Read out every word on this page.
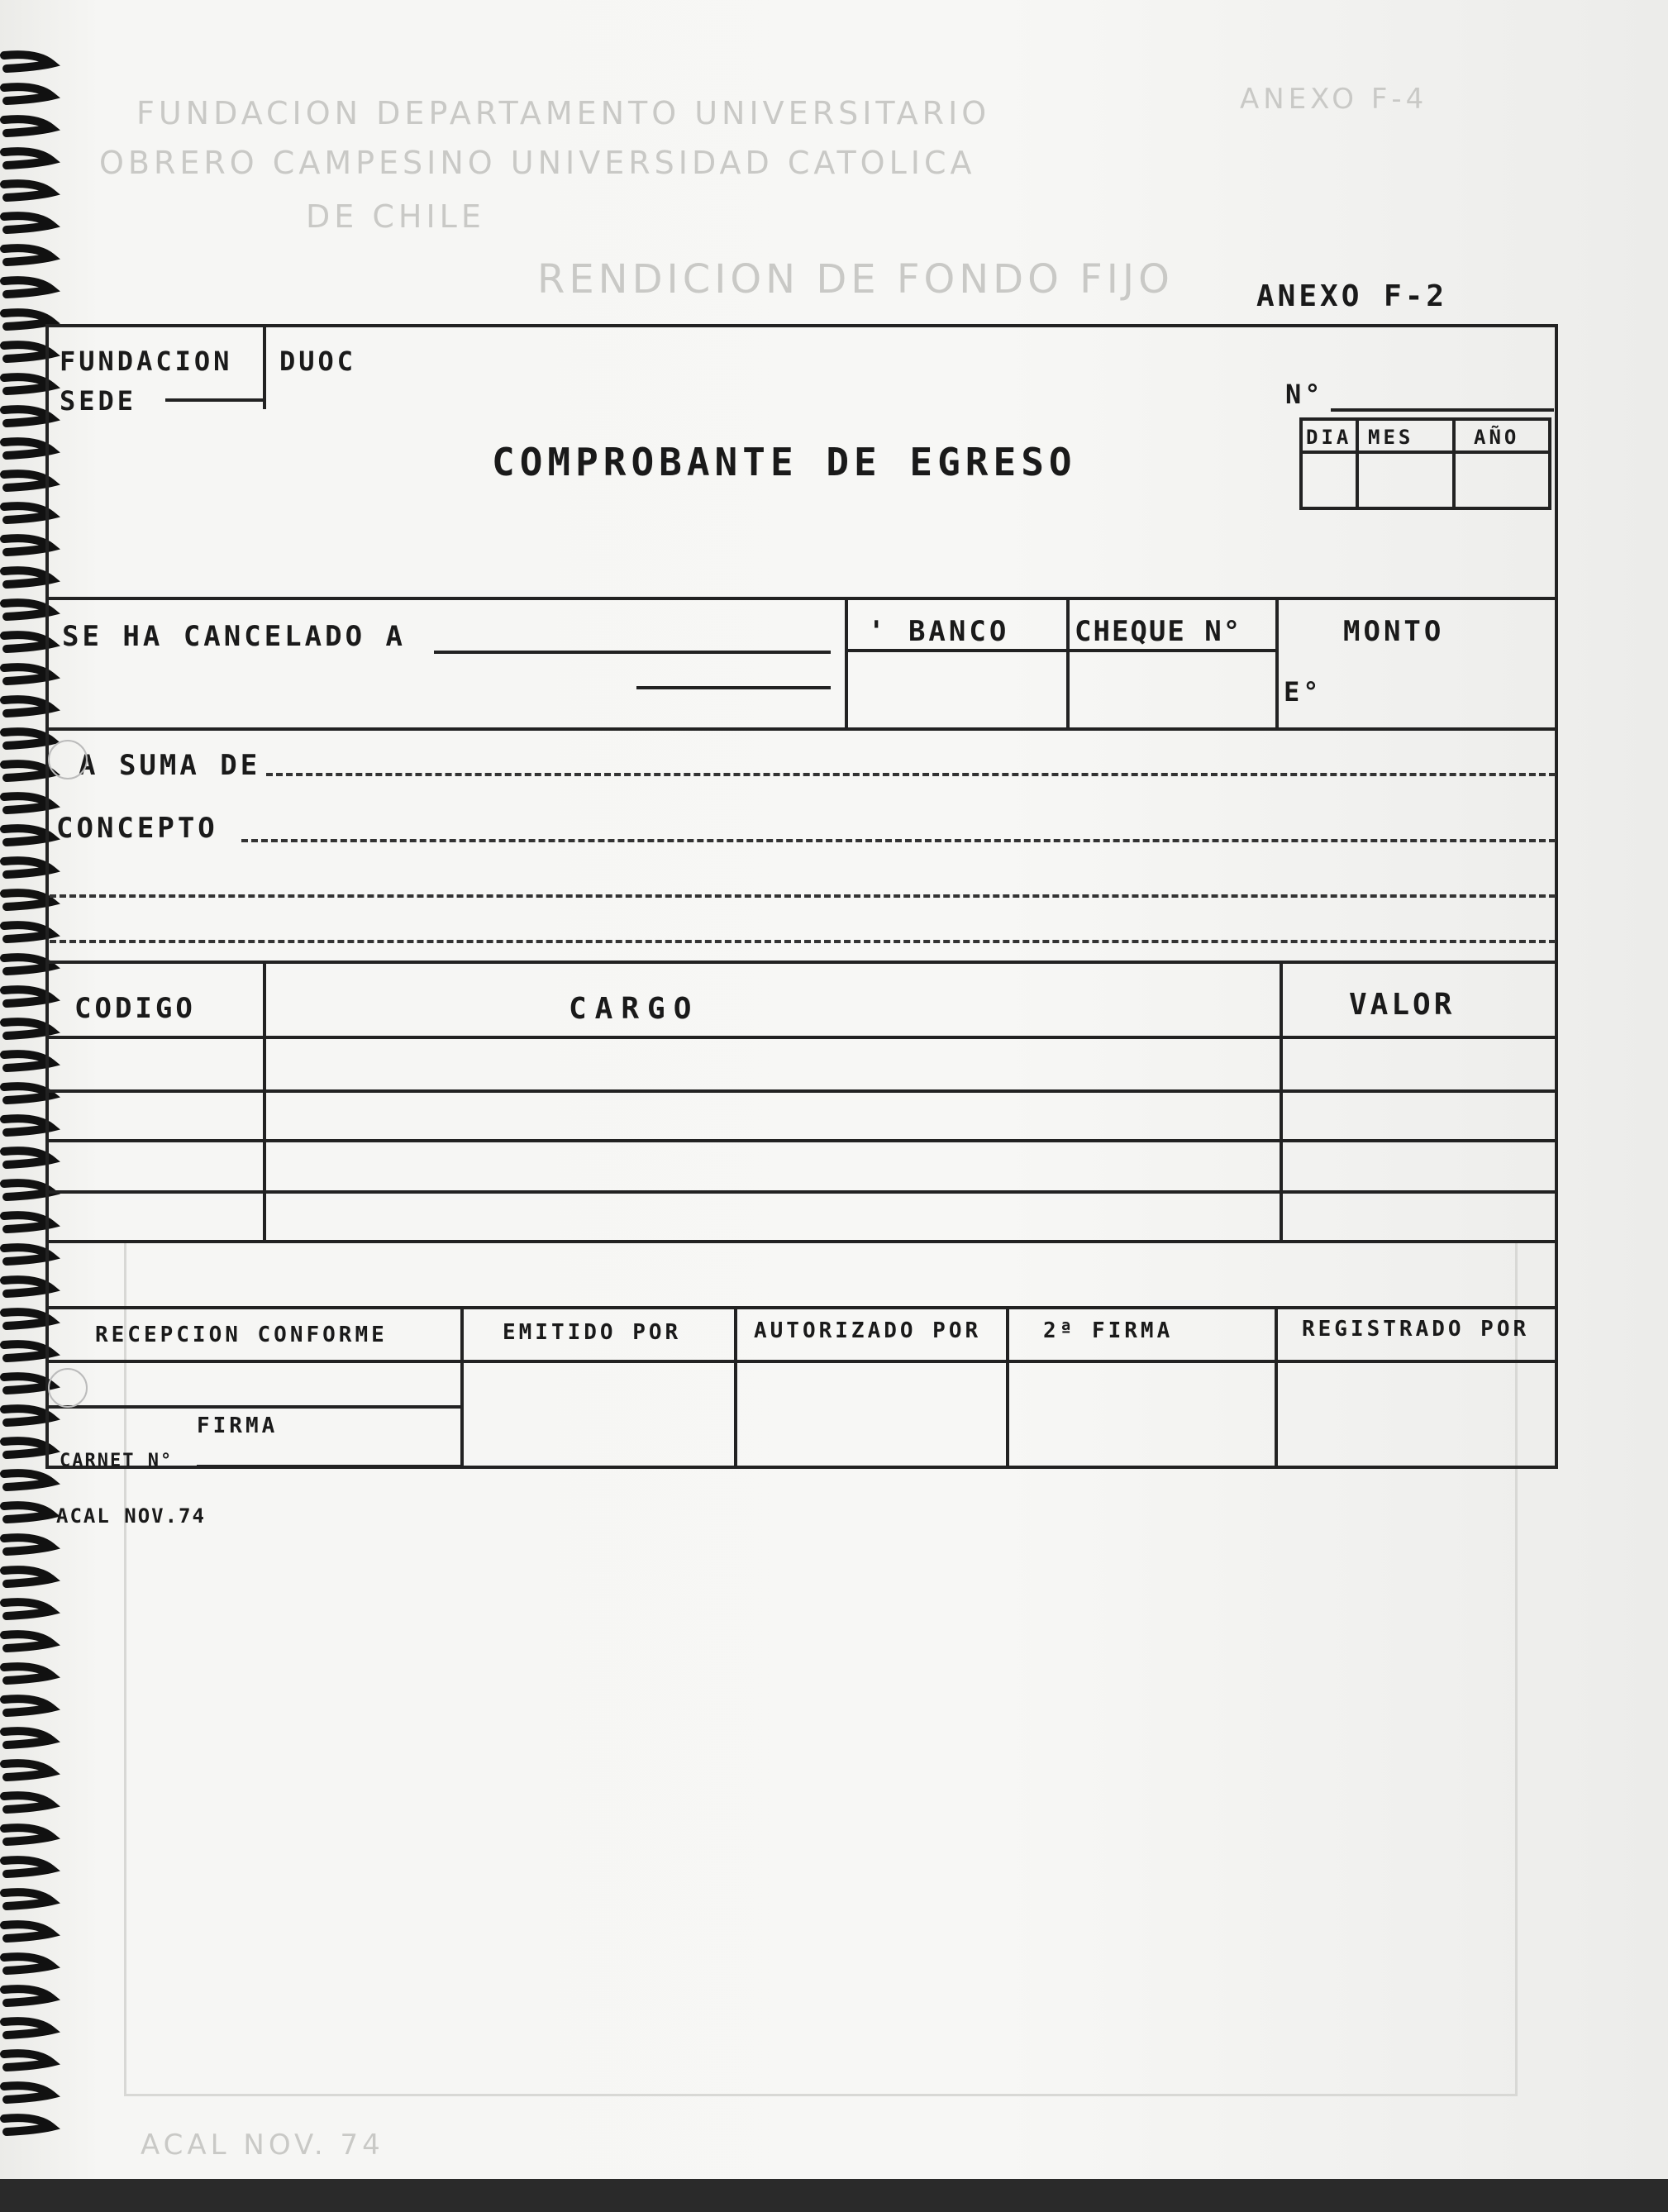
FUNDACION DEPARTAMENTO UNIVERSITARIO
OBRERO CAMPESINO UNIVERSIDAD CATOLICA
DE CHILE
ANEXO F-4
RENDICION DE FONDO FIJO
ACAL NOV. 74
ANEXO F-2
FUNDACION DUOC
SEDE
COMPROBANTE DE EGRESO
N°
DIA MES	AÑO
SE HA CANCELADO A	' BANCO CHEQUE N°	MONTO
E°
A SUMA DE
CONCEPTO
CODIGO	CARGO	VALOR
RECEPCION CONFORME	EMITIDO POR	AUTORIZADO POR	2ª FIRMA	REGISTRADO POR
FIRMA
CARNET N°
ACAL NOV.74
